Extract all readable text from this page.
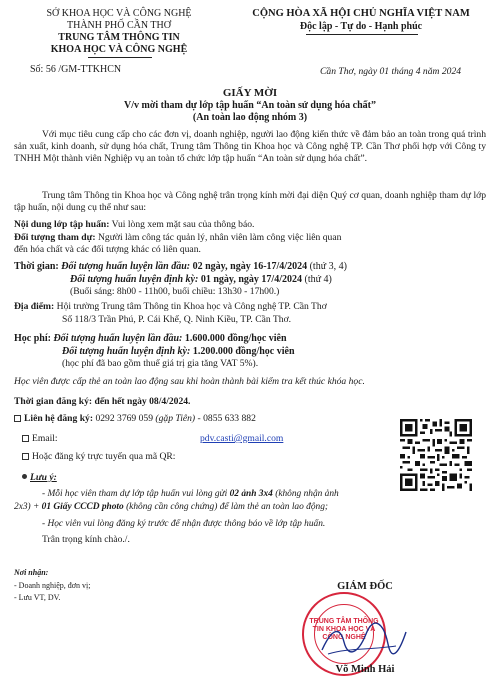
SỞ KHOA HỌC VÀ CÔNG NGHỆ
THÀNH PHỐ CẦN THƠ
TRUNG TÂM THÔNG TIN
KHOA HỌC VÀ CÔNG NGHỆ
Số: 56 /GM-TTKHCN
CỘNG HÒA XÃ HỘI CHỦ NGHĨA VIỆT NAM
Độc lập - Tự do - Hạnh phúc
Cần Thơ, ngày 01 tháng 4 năm 2024
GIẤY MỜI
V/v mời tham dự lớp tập huấn “An toàn sử dụng hóa chất”
(An toàn lao động nhóm 3)
Với mục tiêu cung cấp cho các đơn vị, doanh nghiệp, người lao động kiến thức về đảm bảo an toàn trong quá trình sản xuất, kinh doanh, sử dụng hóa chất, Trung tâm Thông tin Khoa học và Công nghệ TP. Cần Thơ phối hợp với Công ty TNHH Một thành viên Nghiệp vụ an toàn tổ chức lớp tập huấn “An toàn sử dụng hóa chất”.
Trung tâm Thông tin Khoa học và Công nghệ trân trọng kính mời đại diện Quý cơ quan, doanh nghiệp tham dự lớp tập huấn, nội dung cụ thể như sau:
Nội dung lớp tập huấn: Vui lòng xem mặt sau của thông báo.
Đối tượng tham dự: Người làm công tác quản lý, nhân viên làm công việc liên quan
đến hóa chất và các đối tượng khác có liên quan.
Thời gian: Đối tượng huấn luyện lần đầu: 02 ngày, ngày 16-17/4/2024 (thứ 3, 4)
Đối tượng huấn luyện định kỳ: 01 ngày, ngày 17/4/2024 (thứ 4)
(Buổi sáng: 8h00 - 11h00, buổi chiều: 13h30 - 17h00.)
Địa điểm: Hội trường Trung tâm Thông tin Khoa học và Công nghệ TP. Cần Thơ
Số 118/3 Trần Phú, P. Cái Khế, Q. Ninh Kiều, TP. Cần Thơ.
Học phí: Đối tượng huấn luyện lần đầu: 1.600.000 đồng/học viên
Đối tượng huấn luyện định kỳ: 1.200.000 đồng/học viên
(học phí đã bao gồm thuế giá trị gia tăng VAT 5%).
Học viên được cấp thẻ an toàn lao động sau khi hoàn thành bài kiểm tra kết thúc khóa học.
Thời gian đăng ký: đến hết ngày 08/4/2024.
Liên hệ đăng ký: 0292 3769 059 (gặp Tiên) - 0855 633 882
Email:	pdv.casti@gmail.com
Hoặc đăng ký trực tuyến qua mã QR:
Lưu ý:
- Mỗi học viên tham dự lớp tập huấn vui lòng gửi 02 ảnh 3x4 (không nhận ảnh
2x3) + 01 Giấy CCCD photo (không cần công chứng) để làm thẻ an toàn lao động;
- Học viên vui lòng đăng ký trước để nhận được thông báo về lớp tập huấn.
Trân trọng kính chào./.
Nơi nhận:
- Doanh nghiệp, đơn vị;
- Lưu VT, DV.
GIÁM ĐỐC
TRUNG TÂM THÔNG TIN KHOA HỌC VÀ CÔNG NGHỆ
Võ Minh Hải
